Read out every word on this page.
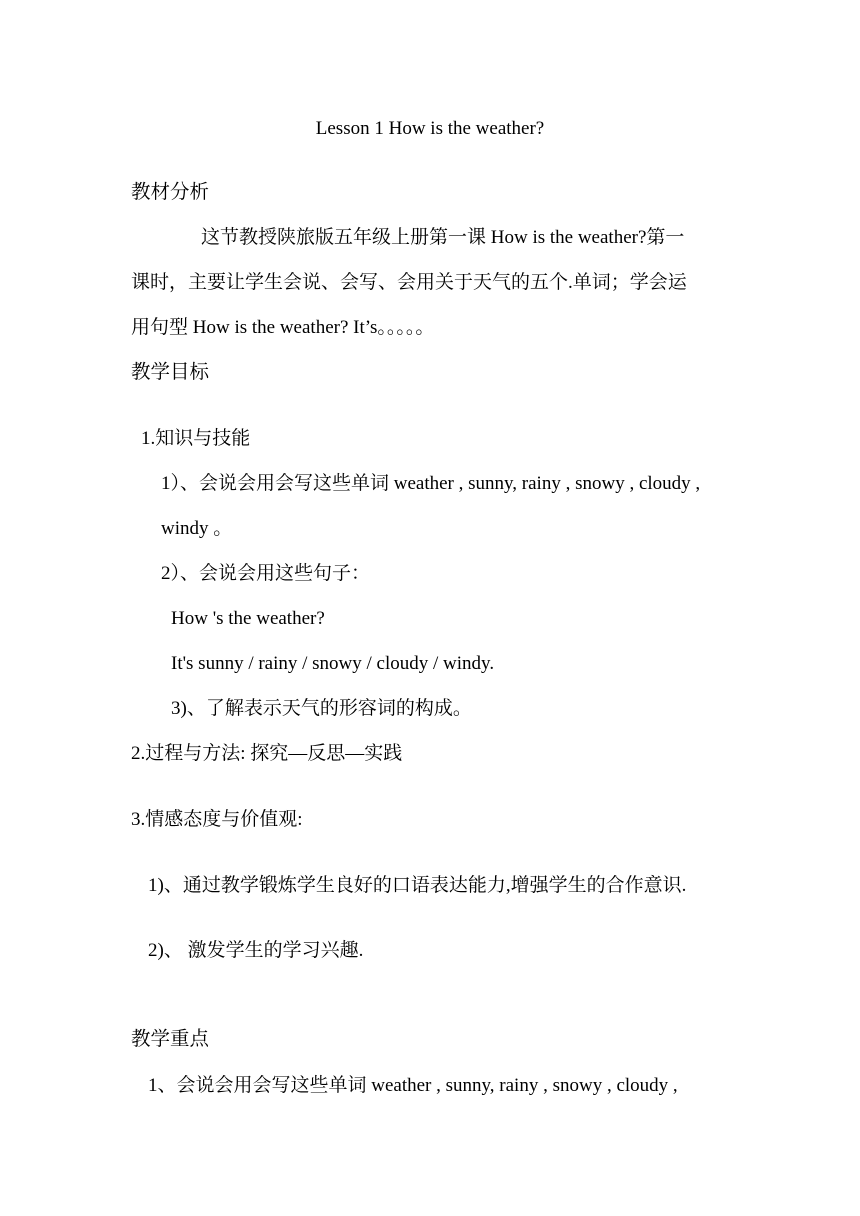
Lesson 1 How is the weather?
教材分析
这节教授陕旅版五年级上册第一课 How is the weather?第一
课时，主要让学生会说、会写、会用关于天气的五个.单词；学会运
用句型 How is the weather? It’s。。。。。
教学目标
1.知识与技能
1）、会说会用会写这些单词 weather , sunny, rainy , snowy , cloudy ,
windy 。
2）、会说会用这些句子：
How 's the weather?
It's sunny / rainy / snowy / cloudy / windy.
3)、了解表示天气的形容词的构成。
2.过程与方法: 探究—反思—实践
3.情感态度与价值观:
1)、通过教学锻炼学生良好的口语表达能力,增强学生的合作意识.
2)、 激发学生的学习兴趣.
教学重点
1、会说会用会写这些单词 weather , sunny, rainy , snowy , cloudy ,
